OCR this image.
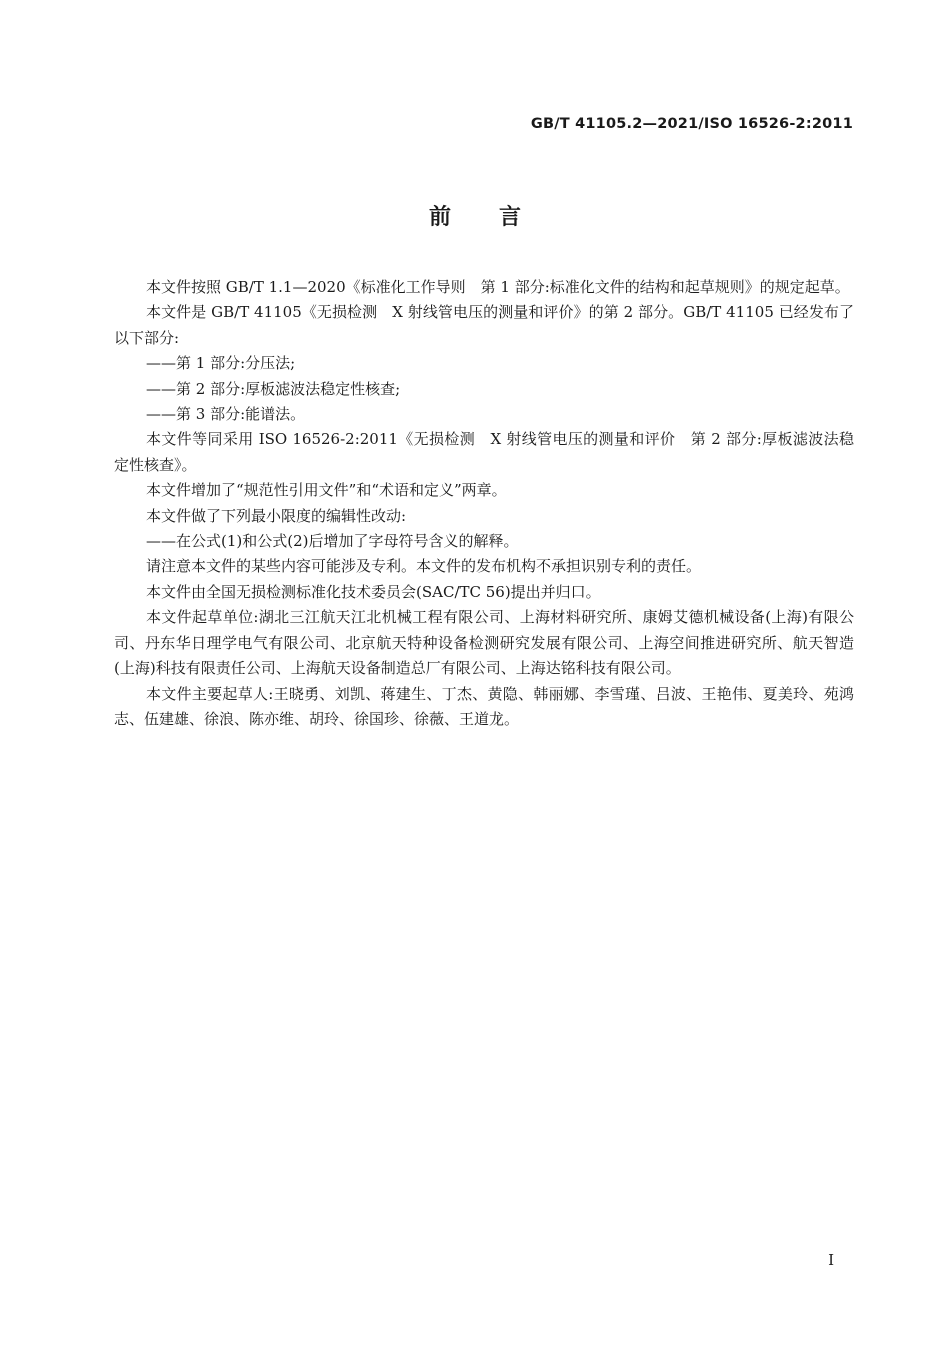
GB/T 41105.2—2021/ISO 16526-2:2011
前言

本文件按照 GB/T 1.1—2020《标准化工作导则　第 1 部分:标准化文件的结构和起草规则》的规定起草。

本文件是 GB/T 41105《无损检测　X 射线管电压的测量和评价》的第 2 部分。GB/T 41105 已经发布了以下部分:

——第 1 部分:分压法;

——第 2 部分:厚板滤波法稳定性核查;

——第 3 部分:能谱法。

本文件等同采用 ISO 16526-2:2011《无损检测　X 射线管电压的测量和评价　第 2 部分:厚板滤波法稳定性核查》。

本文件增加了“规范性引用文件”和“术语和定义”两章。

本文件做了下列最小限度的编辑性改动:

——在公式(1)和公式(2)后增加了字母符号含义的解释。

请注意本文件的某些内容可能涉及专利。本文件的发布机构不承担识别专利的责任。

本文件由全国无损检测标准化技术委员会(SAC/TC 56)提出并归口。

本文件起草单位:湖北三江航天江北机械工程有限公司、上海材料研究所、康姆艾德机械设备(上海)有限公司、丹东华日理学电气有限公司、北京航天特种设备检测研究发展有限公司、上海空间推进研究所、航天智造(上海)科技有限责任公司、上海航天设备制造总厂有限公司、上海达铭科技有限公司。

本文件主要起草人:王晓勇、刘凯、蒋建生、丁杰、黄隐、韩丽娜、李雪瑾、吕波、王艳伟、夏美玲、苑鸿志、伍建雄、徐浪、陈亦维、胡玲、徐国珍、徐薇、王道龙。

I
